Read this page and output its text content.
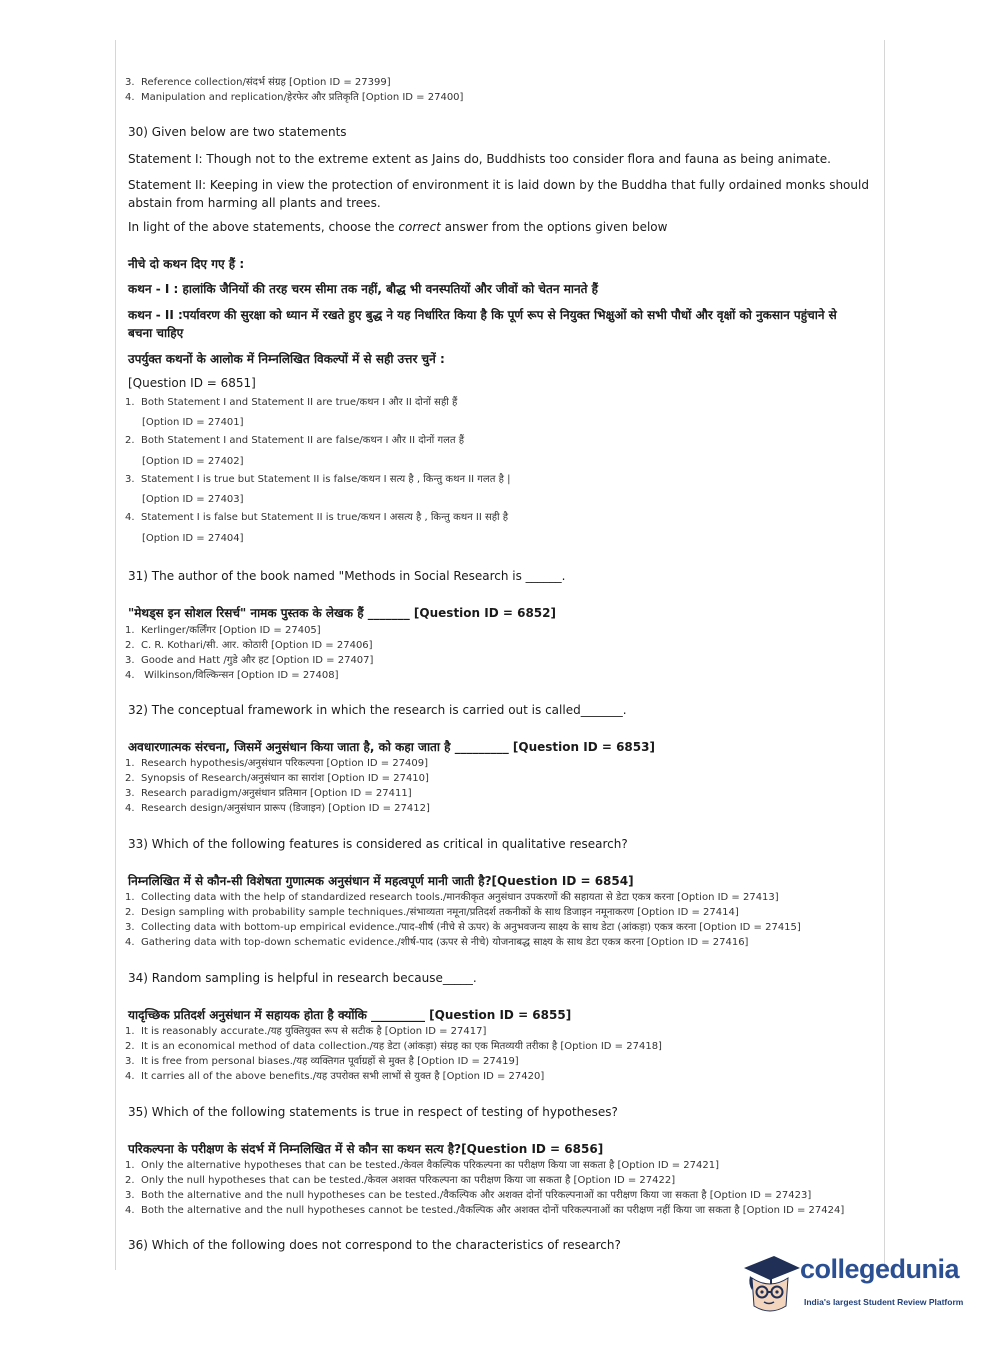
3. Reference collection/संदर्भ संग्रह [Option ID = 27399]
4. Manipulation and replication/हेरफेर और प्रतिकृति [Option ID = 27400]
30) Given below are two statements
Statement I: Though not to the extreme extent as Jains do, Buddhists too consider flora and fauna as being animate.
Statement II: Keeping in view the protection of environment it is laid down by the Buddha that fully ordained monks should abstain from harming all plants and trees.
In light of the above statements, choose the correct answer from the options given below
नीचे दो कथन दिए गए हैं :
कथन - I : हालांकि जैनियों की तरह चरम सीमा तक नहीं, बौद्ध भी वनस्पतियों और जीवों को चेतन मानते हैं
कथन - II :पर्यावरण की सुरक्षा को ध्यान में रखते हुए बुद्ध ने यह निर्धारित किया है कि पूर्ण रूप से नियुक्त भिक्षुओं को सभी पौधों और वृक्षों को नुकसान पहुंचाने से बचना चाहिए
उपर्युक्त कथनों के आलोक में निम्नलिखित विकल्पों में से सही उत्तर चुनें :
[Question ID = 6851]
1. Both Statement I and Statement II are true/कथन I और II दोनों सही हैं
[Option ID = 27401]
2. Both Statement I and Statement II are false/कथन I और II दोनों गलत हैं
[Option ID = 27402]
3. Statement I is true but Statement II is false/कथन I सत्य है , किन्तु कथन II गलत है |
[Option ID = 27403]
4. Statement I is false but Statement II is true/कथन I असत्य है , किन्तु कथन II सही है
[Option ID = 27404]
31) The author of the book named "Methods in Social Research is ______.
"मेथड्स इन सोशल रिसर्च" नामक पुस्तक के लेखक हैं _______ [Question ID = 6852]
1. Kerlinger/कर्लिंगर [Option ID = 27405]
2. C. R. Kothari/सी. आर. कोठारी [Option ID = 27406]
3. Goode and Hatt /गुडे और हट [Option ID = 27407]
4. Wilkinson/विल्किन्सन [Option ID = 27408]
32) The conceptual framework in which the research is carried out is called_______.
अवधारणात्मक संरचना, जिसमें अनुसंधान किया जाता है, को कहा जाता है _________ [Question ID = 6853]
1. Research hypothesis/अनुसंधान परिकल्पना [Option ID = 27409]
2. Synopsis of Research/अनुसंधान का सारांश [Option ID = 27410]
3. Research paradigm/अनुसंधान प्रतिमान [Option ID = 27411]
4. Research design/अनुसंधान प्रारूप (डिजाइन) [Option ID = 27412]
33) Which of the following features is considered as critical in qualitative research?
निम्नलिखित में से कौन-सी विशेषता गुणात्मक अनुसंधान में महत्वपूर्ण मानी जाती है?[Question ID = 6854]
1. Collecting data with the help of standardized research tools./मानकीकृत अनुसंधान उपकरणों की सहायता से डेटा एकत्र करना [Option ID = 27413]
2. Design sampling with probability sample techniques./संभाव्यता नमूना/प्रतिदर्श तकनीकों के साथ डिजाइन नमूनाकरण [Option ID = 27414]
3. Collecting data with bottom-up empirical evidence./पाद-शीर्ष (नीचे से ऊपर) के अनुभवजन्य साक्ष्य के साथ डेटा (आंकड़ा) एकत्र करना [Option ID = 27415]
4. Gathering data with top-down schematic evidence./शीर्ष-पाद (ऊपर से नीचे) योजनाबद्ध साक्ष्य के साथ डेटा एकत्र करना [Option ID = 27416]
34) Random sampling is helpful in research because_____.
यादृच्छिक प्रतिदर्श अनुसंधान में सहायक होता है क्योंकि _________ [Question ID = 6855]
1. It is reasonably accurate./यह युक्तियुक्त रूप से सटीक है [Option ID = 27417]
2. It is an economical method of data collection./यह डेटा (आंकड़ा) संग्रह का एक मितव्ययी तरीका है [Option ID = 27418]
3. It is free from personal biases./यह व्यक्तिगत पूर्वाग्रहों से मुक्त है [Option ID = 27419]
4. It carries all of the above benefits./यह उपरोक्त सभी लाभों से युक्त है [Option ID = 27420]
35) Which of the following statements is true in respect of testing of hypotheses?
परिकल्पना के परीक्षण के संदर्भ में निम्नलिखित में से कौन सा कथन सत्य है?[Question ID = 6856]
1. Only the alternative hypotheses that can be tested./केवल वैकल्पिक परिकल्पना का परीक्षण किया जा सकता है [Option ID = 27421]
2. Only the null hypotheses that can be tested./केवल अशक्त परिकल्पना का परीक्षण किया जा सकता है [Option ID = 27422]
3. Both the alternative and the null hypotheses can be tested./वैकल्पिक और अशक्त दोनों परिकल्पनाओं का परीक्षण किया जा सकता है [Option ID = 27423]
4. Both the alternative and the null hypotheses cannot be tested./वैकल्पिक और अशक्त दोनों परिकल्पनाओं का परीक्षण नहीं किया जा सकता है [Option ID = 27424]
36) Which of the following does not correspond to the characteristics of research?
collegedunia
India's largest Student Review Platform
